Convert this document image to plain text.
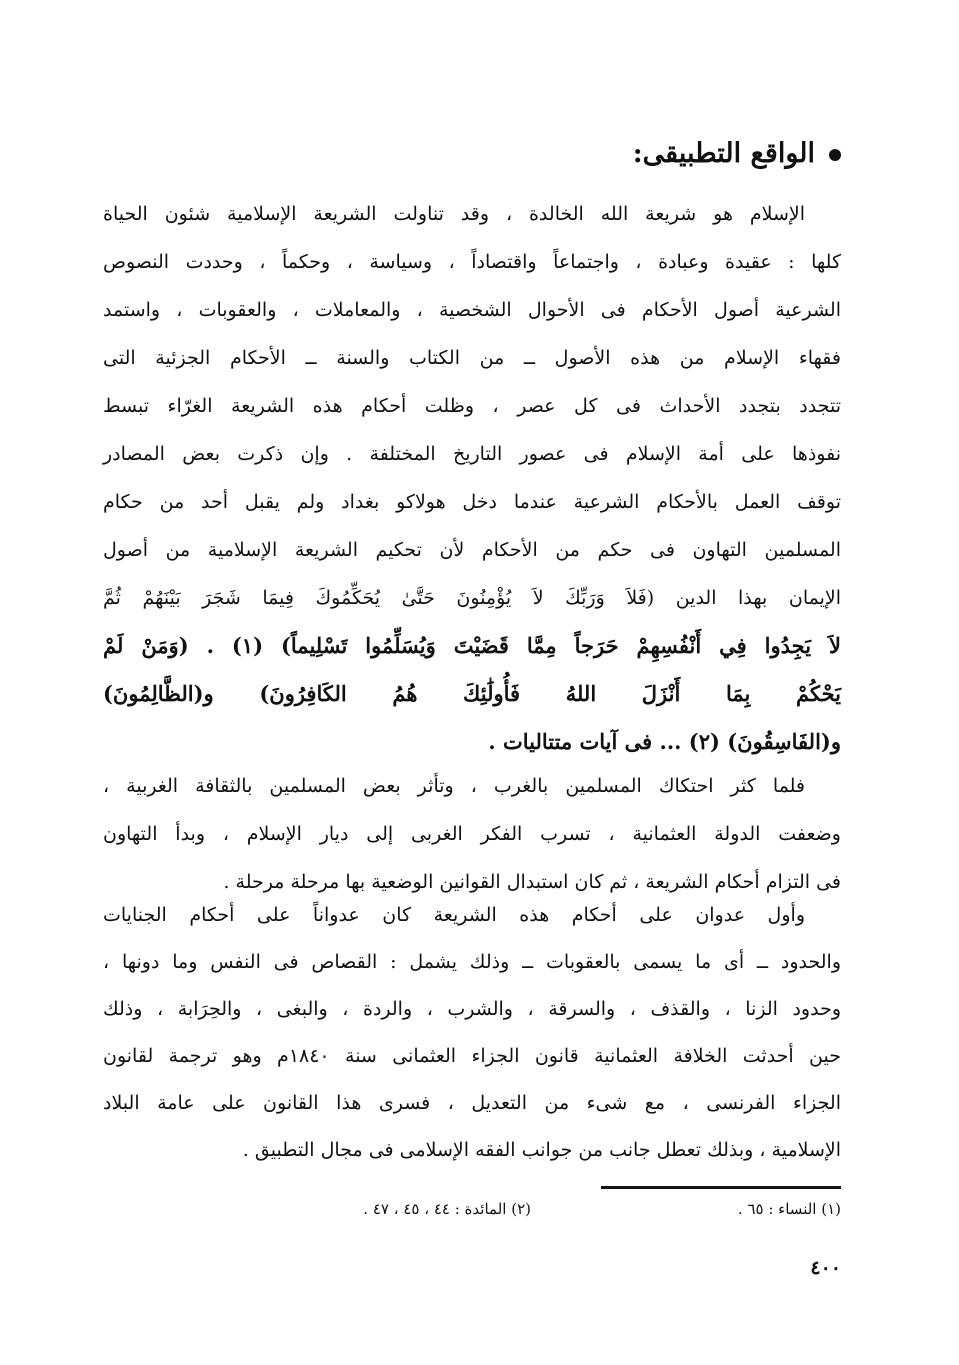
الواقع التطبيقى:
الإسلام هو شريعة الله الخالدة ، وقد تناولت الشريعة الإسلامية شئون الحياة
كلها : عقيدة وعبادة ، واجتماعاً واقتصاداً ، وسياسة ، وحكماً ، وحددت النصوص
الشرعية أصول الأحكام فى الأحوال الشخصية ، والمعاملات ، والعقوبات ، واستمد
فقهاء الإسلام من هذه الأصول ــ من الكتاب والسنة ــ الأحكام الجزئية التى
تتجدد بتجدد الأحداث فى كل عصر ، وظلت أحكام هذه الشريعة الغرّاء تبسط
نفوذها على أمة الإسلام فى عصور التاريخ المختلفة . وإن ذكرت بعض المصادر
توقف العمل بالأحكام الشرعية عندما دخل هولاكو بغداد ولم يقبل أحد من حكام
المسلمين التهاون فى حكم من الأحكام لأن تحكيم الشريعة الإسلامية من أصول
الإيمان بهذا الدين (فَلاَ وَرَبِّكَ لاَ يُؤْمِنُونَ حَتَّىٰ يُحَكِّمُوكَ فِيمَا شَجَرَ بَيْنَهُمْ ثُمَّ
لاَ يَجِدُوا فِي أَنْفُسِهِمْ حَرَجاً مِمَّا قَضَيْتَ وَيُسَلِّمُوا تَسْلِيماً) (١) . (وَمَنْ لَمْ
يَحْكُمْ بِمَا أَنْزَلَ اللهُ فَأُولَٰئِكَ هُمُ الكَافِرُونَ) و(الظَّالِمُونَ)
و(الفَاسِقُونَ) (٢) ... فى آيات متتاليات .
فلما كثر احتكاك المسلمين بالغرب ، وتأثر بعض المسلمين بالثقافة الغربية ،
وضعفت الدولة العثمانية ، تسرب الفكر الغربى إلى ديار الإسلام ، وبدأ التهاون
فى التزام أحكام الشريعة ، ثم كان استبدال القوانين الوضعية بها مرحلة مرحلة .
وأول عدوان على أحكام هذه الشريعة كان عدواناً على أحكام الجنايات
والحدود ــ أى ما يسمى بالعقوبات ــ وذلك يشمل : القصاص فى النفس وما دونها ،
وحدود الزنا ، والقذف ، والسرقة ، والشرب ، والردة ، والبغى ، والحِرَابة ، وذلك
حين أحدثت الخلافة العثمانية قانون الجزاء العثمانى سنة ١٨٤٠م وهو ترجمة لقانون
الجزاء الفرنسى ، مع شىء من التعديل ، فسرى هذا القانون على عامة البلاد
الإسلامية ، وبذلك تعطل جانب من جوانب الفقه الإسلامى فى مجال التطبيق .
(١) النساء : ٦٥ .
(٢) المائدة : ٤٤ ، ٤٥ ، ٤٧ .
٤٠٠
